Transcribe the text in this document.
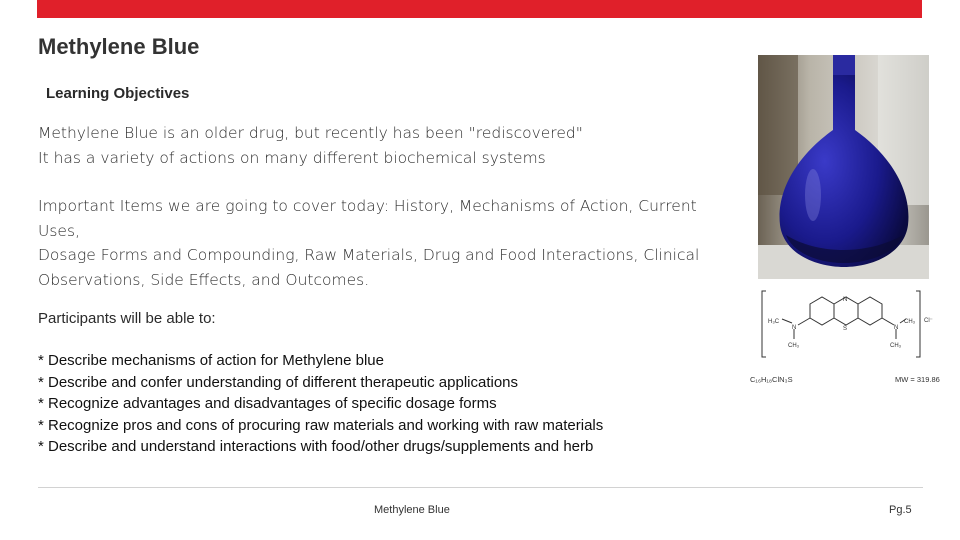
Methylene Blue
Learning Objectives
Methylene Blue is an older drug, but recently has been "rediscovered"
It has a variety of actions on many different biochemical systems
Important Items we are going to cover today: History, Mechanisms of Action, Current Uses,
Dosage Forms and Compounding, Raw Materials, Drug and Food Interactions, Clinical
Observations, Side Effects, and Outcomes.
Participants will be able to:
* Describe mechanisms of action for Methylene blue
* Describe and confer understanding of different therapeutic applications
* Recognize advantages and disadvantages of specific dosage forms
* Recognize pros and cons of procuring raw materials and working with raw materials
* Describe and understand interactions with food/other drugs/supplements and herb
H₃C
N
CH₃
N
CH₃
CH₃
N
S
Cl⁻
C₁₆H₁₈ClN₃S	MW = 319.86
Methylene Blue	Pg.5
